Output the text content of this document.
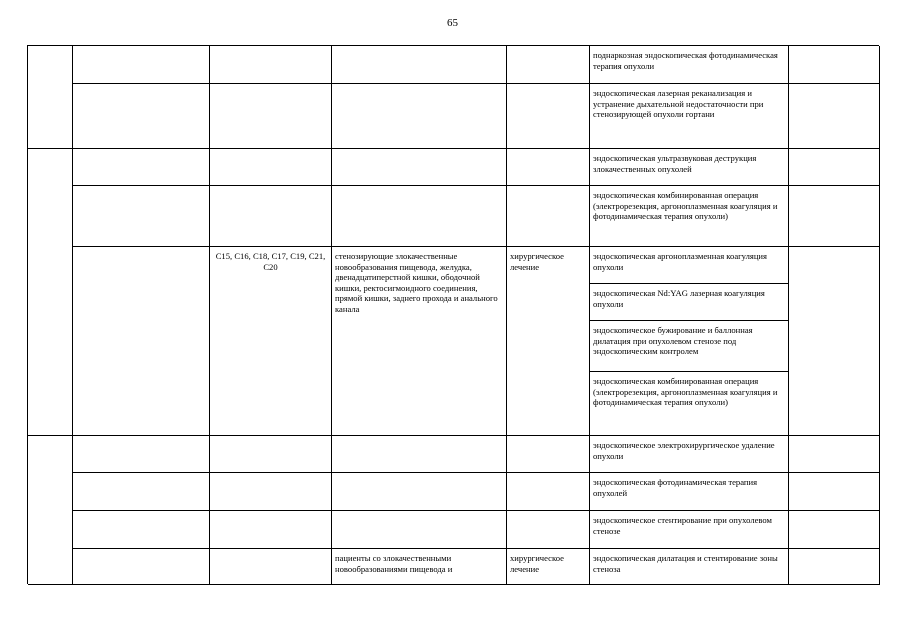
65
поднаркозная эндоскопическая фотодинамическая терапия опухоли
эндоскопическая лазерная реканализация и устранение дыхательной недостаточности при стенозирующей опухоли гортани
эндоскопическая ультразвуковая деструкция злокачественных опухолей
эндоскопическая комбинированная операция (электрорезекция, аргоноплазменная коагуляция и фотодинамическая терапия опухоли)
C15, C16, C18, C17, C19, C21, C20
стенозирующие злокачественные новообразования пищевода, желудка, двенадцатиперстной кишки, ободочной кишки, ректосигмоидного соединения, прямой кишки, заднего прохода и анального канала
хирургическое лечение
эндоскопическая аргоноплазменная коагуляция опухоли
эндоскопическая Nd:YAG лазерная коагуляция опухоли
эндоскопическое бужирование и баллонная дилатация при опухолевом стенозе под эндоскопическим контролем
эндоскопическая комбинированная операция (электрорезекция, аргоноплазменная коагуляция и фотодинамическая терапия опухоли)
эндоскопическое электрохирургическое удаление опухоли
эндоскопическая фотодинамическая терапия опухолей
эндоскопическое стентирование при опухолевом стенозе
пациенты со злокачественными новообразованиями пищевода и
хирургическое лечение
эндоскопическая дилатация и стентирование зоны стеноза
